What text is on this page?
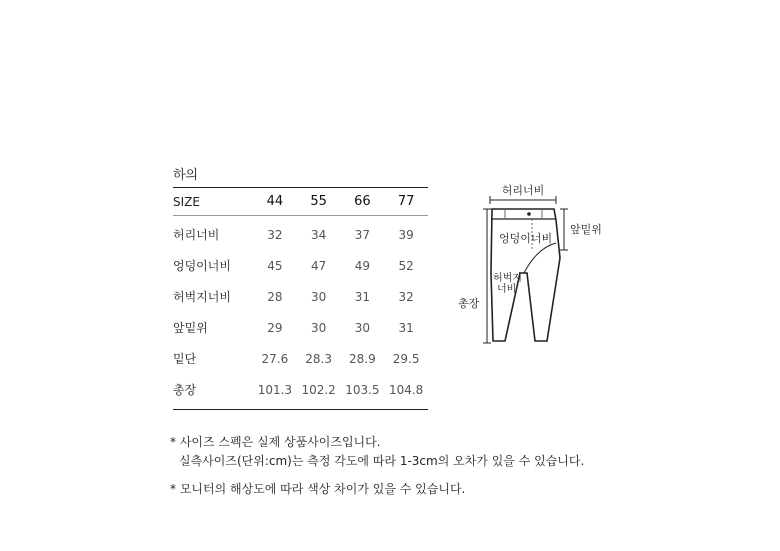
하의
SIZE	44	55	66	77
허리너비	32	34	37	39
엉덩이너비	45	47	49	52
허벅지너비	28	30	31	32
앞밑위	29	30	30	31
밑단	27.6	28.3	28.9	29.5
총장	101.3	102.2	103.5	104.8
허리너비
엉덩이너비
앞밑위
허벅지
너비
총장
* 사이즈 스펙은 실제 상품사이즈입니다.
실측사이즈(단위:cm)는 측정 각도에 따라 1-3cm의 오차가 있을 수 있습니다.
* 모니터의 해상도에 따라 색상 차이가 있을 수 있습니다.
